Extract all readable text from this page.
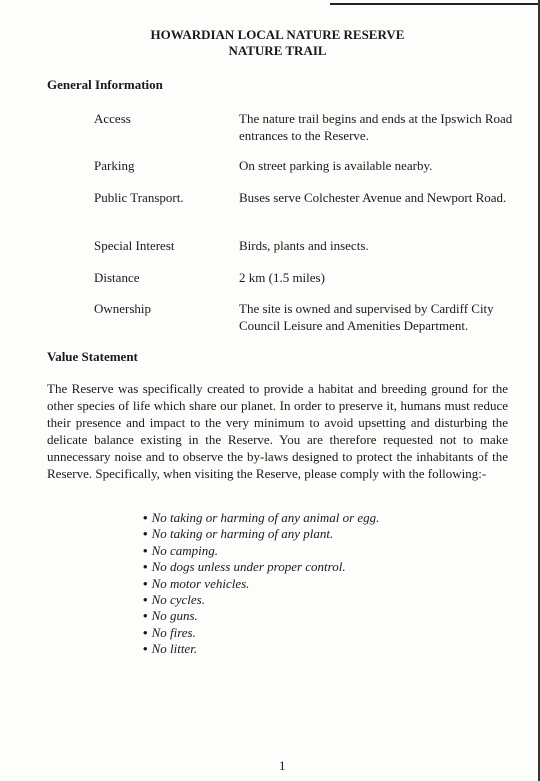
HOWARDIAN LOCAL NATURE RESERVE
NATURE TRAIL
General Information
Access	The nature trail begins and ends at the Ipswich Road entrances to the Reserve.
Parking	On street parking is available nearby.
Public Transport.	Buses serve Colchester Avenue and Newport Road.
Special Interest	Birds, plants and insects.
Distance	2 km (1.5 miles)
Ownership	The site is owned and supervised by Cardiff City Council Leisure and Amenities Department.
Value Statement
The Reserve was specifically created to provide a habitat and breeding ground for the other species of life which share our planet. In order to preserve it, humans must reduce their presence and impact to the very minimum to avoid upsetting and disturbing the delicate balance existing in the Reserve. You are therefore requested not to make unnecessary noise and to observe the by-laws designed to protect the inhabitants of the Reserve. Specifically, when visiting the Reserve, please comply with the following:-
• No taking or harming of any animal or egg.
• No taking or harming of any plant.
• No camping.
• No dogs unless under proper control.
• No motor vehicles.
• No cycles.
• No guns.
• No fires.
• No litter.
1
